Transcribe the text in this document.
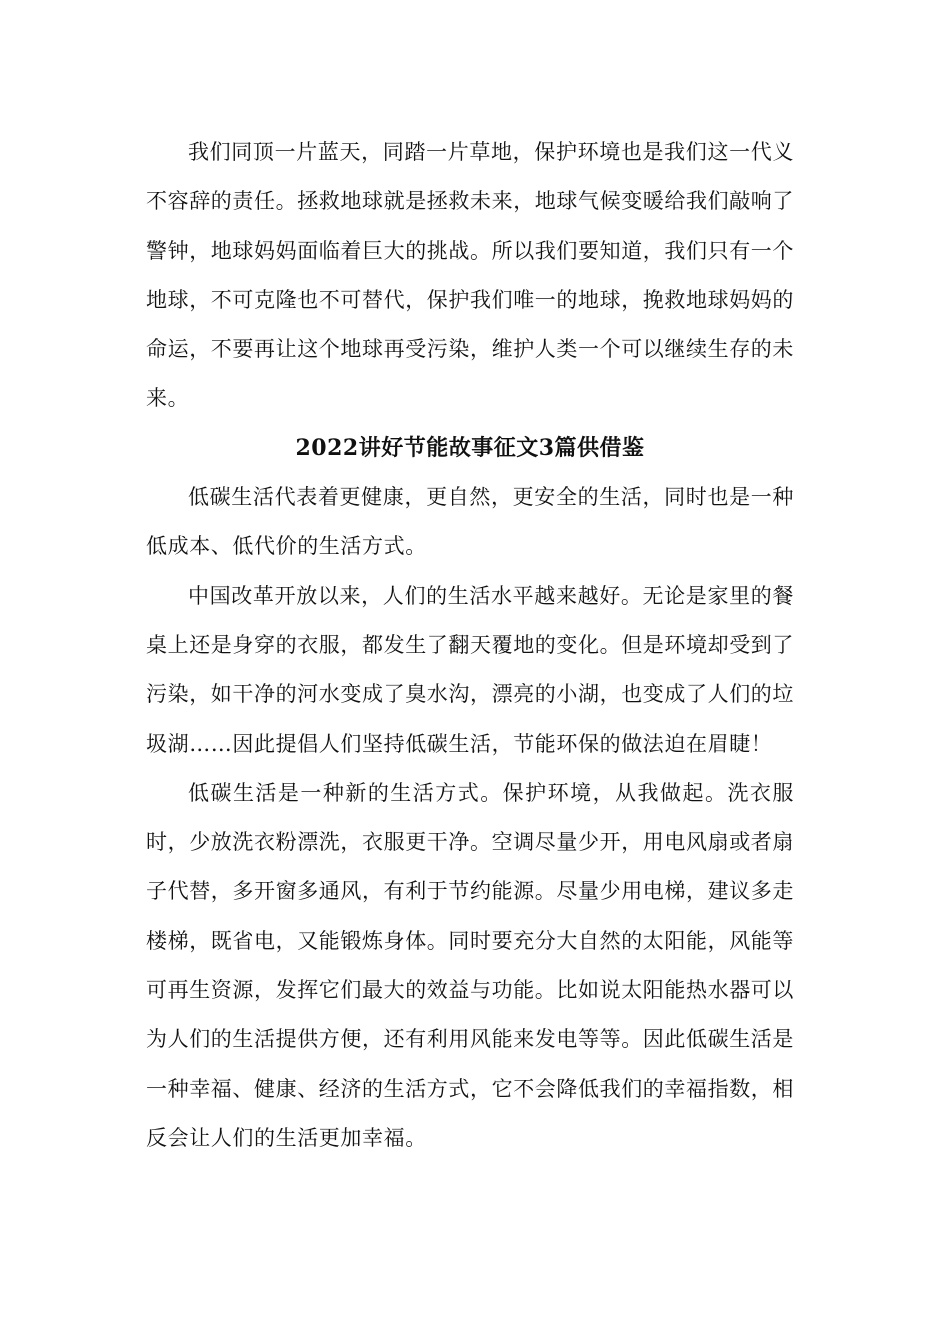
我们同顶一片蓝天，同踏一片草地，保护环境也是我们这一代义不容辞的责任。拯救地球就是拯救未来，地球气候变暖给我们敲响了警钟，地球妈妈面临着巨大的挑战。所以我们要知道，我们只有一个地球，不可克隆也不可替代，保护我们唯一的地球，挽救地球妈妈的命运，不要再让这个地球再受污染，维护人类一个可以继续生存的未来。

2022讲好节能故事征文3篇供借鉴

低碳生活代表着更健康，更自然，更安全的生活，同时也是一种低成本、低代价的生活方式。

中国改革开放以来，人们的生活水平越来越好。无论是家里的餐桌上还是身穿的衣服，都发生了翻天覆地的变化。但是环境却受到了污染，如干净的河水变成了臭水沟，漂亮的小湖，也变成了人们的垃圾湖……因此提倡人们坚持低碳生活，节能环保的做法迫在眉睫！

低碳生活是一种新的生活方式。保护环境，从我做起。洗衣服时，少放洗衣粉漂洗，衣服更干净。空调尽量少开，用电风扇或者扇子代替，多开窗多通风，有利于节约能源。尽量少用电梯，建议多走楼梯，既省电，又能锻炼身体。同时要充分大自然的太阳能，风能等可再生资源，发挥它们最大的效益与功能。比如说太阳能热水器可以为人们的生活提供方便，还有利用风能来发电等等。因此低碳生活是一种幸福、健康、经济的生活方式，它不会降低我们的幸福指数，相反会让人们的生活更加幸福。
